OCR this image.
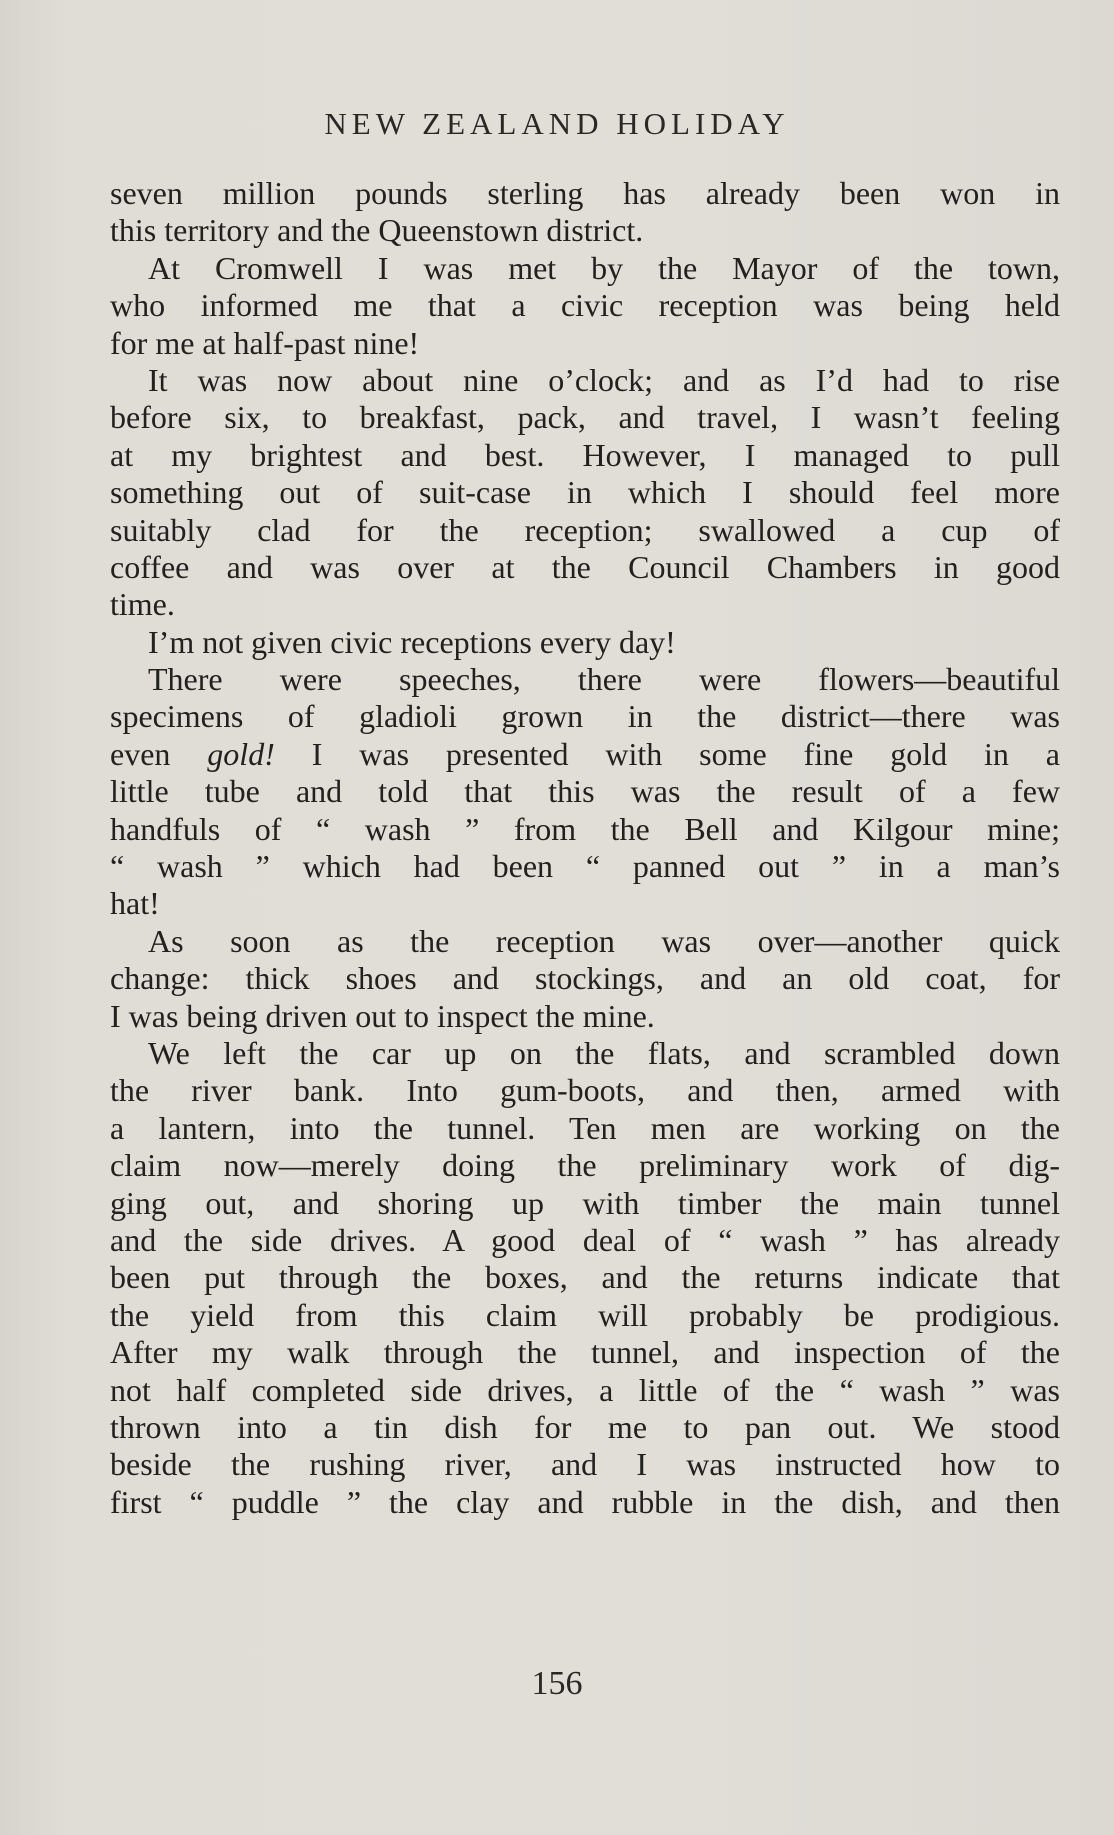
NEW ZEALAND HOLIDAY
seven million pounds sterling has already been won in
this territory and the Queenstown district.
At Cromwell I was met by the Mayor of the town,
who informed me that a civic reception was being held
for me at half-past nine!
It was now about nine o’clock; and as I’d had to rise
before six, to breakfast, pack, and travel, I wasn’t feeling
at my brightest and best. However, I managed to pull
something out of suit-case in which I should feel more
suitably clad for the reception; swallowed a cup of
coffee and was over at the Council Chambers in good
time.
I’m not given civic receptions every day!
There were speeches, there were flowers—beautiful
specimens of gladioli grown in the district—there was
even gold! I was presented with some fine gold in a
little tube and told that this was the result of a few
handfuls of “ wash ” from the Bell and Kilgour mine;
“ wash ” which had been “ panned out ” in a man’s
hat!
As soon as the reception was over—another quick
change: thick shoes and stockings, and an old coat, for
I was being driven out to inspect the mine.
We left the car up on the flats, and scrambled down
the river bank. Into gum-boots, and then, armed with
a lantern, into the tunnel. Ten men are working on the
claim now—merely doing the preliminary work of dig-
ging out, and shoring up with timber the main tunnel
and the side drives. A good deal of “ wash ” has already
been put through the boxes, and the returns indicate that
the yield from this claim will probably be prodigious.
After my walk through the tunnel, and inspection of the
not half completed side drives, a little of the “ wash ” was
thrown into a tin dish for me to pan out. We stood
beside the rushing river, and I was instructed how to
first “ puddle ” the clay and rubble in the dish, and then
156
